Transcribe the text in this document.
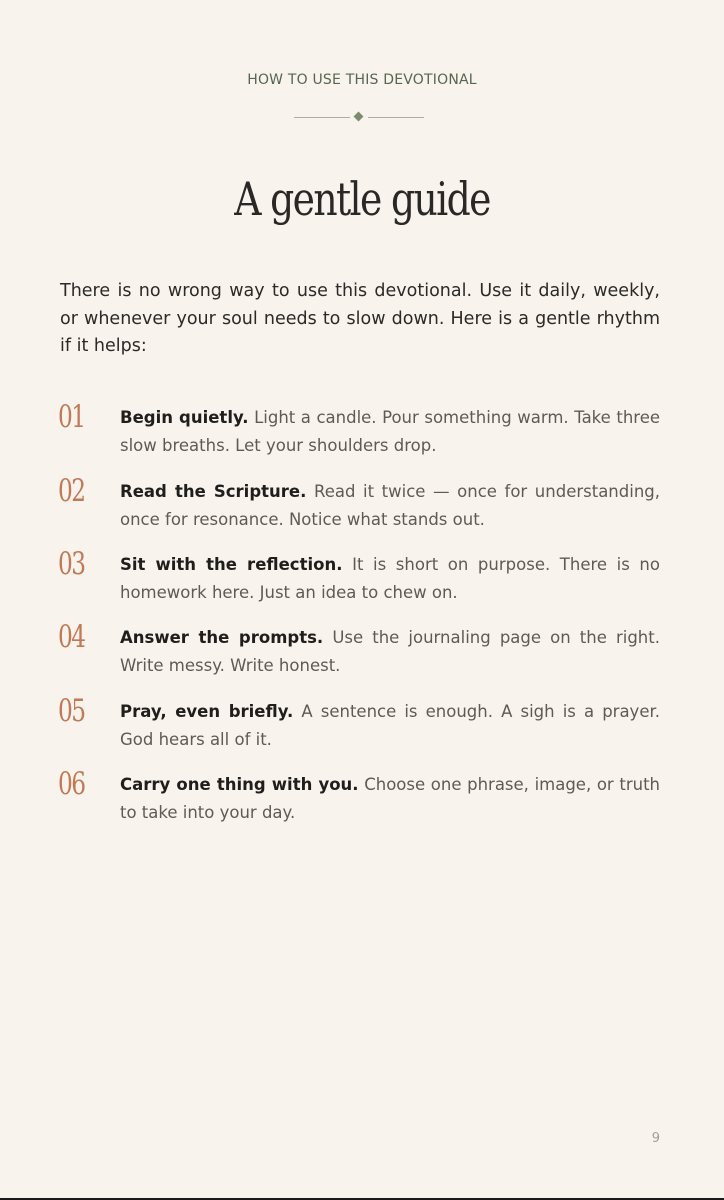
HOW TO USE THIS DEVOTIONAL
A gentle guide
There is no wrong way to use this devotional. Use it daily, weekly, or whenever your soul needs to slow down. Here is a gentle rhythm if it helps:
01 Begin quietly. Light a candle. Pour something warm. Take three slow breaths. Let your shoulders drop.
02 Read the Scripture. Read it twice — once for understanding, once for resonance. Notice what stands out.
03 Sit with the reflection. It is short on purpose. There is no homework here. Just an idea to chew on.
04 Answer the prompts. Use the journaling page on the right. Write messy. Write honest.
05 Pray, even briefly. A sentence is enough. A sigh is a prayer. God hears all of it.
06 Carry one thing with you. Choose one phrase, image, or truth to take into your day.
9
